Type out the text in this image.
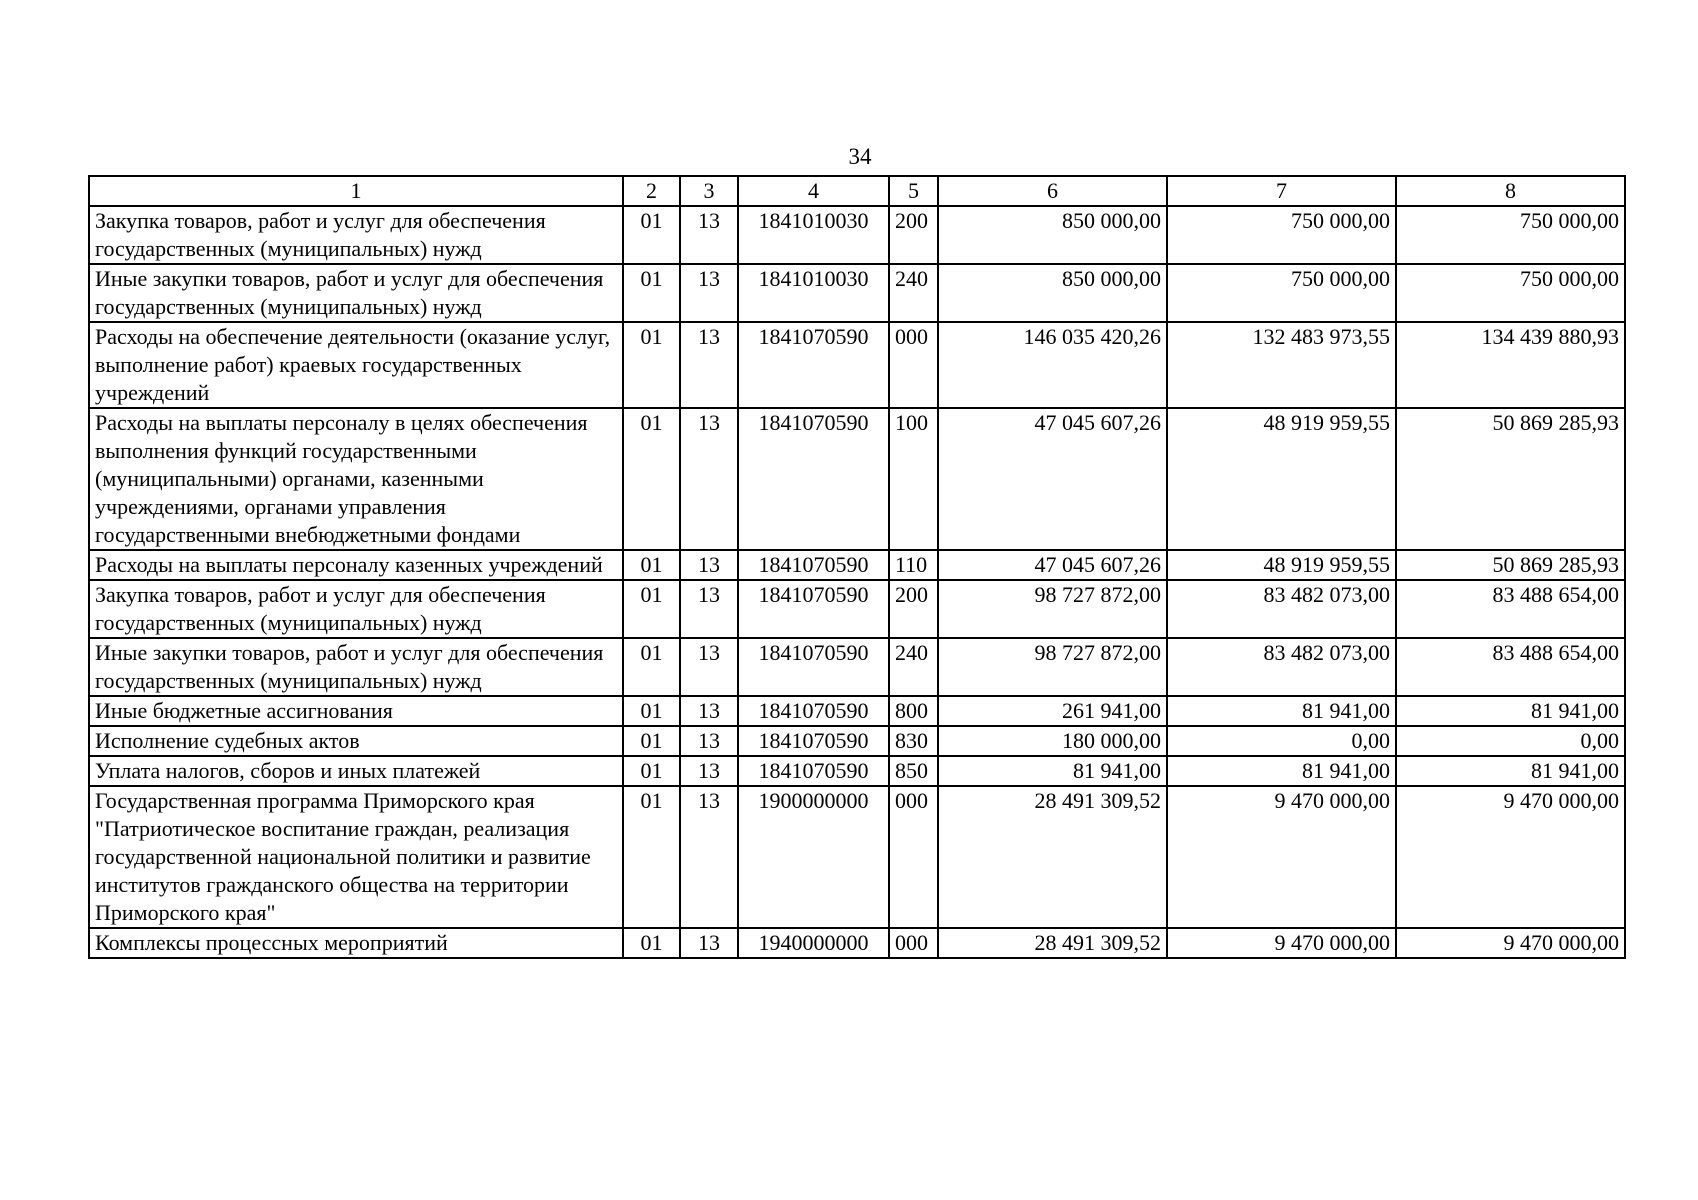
34
1	2	3	4	5	6	7	8
Закупка товаров, работ и услуг для обеспечения государственных (муниципальных) нужд	01	13	1841010030	200	850 000,00	750 000,00	750 000,00
Иные закупки товаров, работ и услуг для обеспечения государственных (муниципальных) нужд	01	13	1841010030	240	850 000,00	750 000,00	750 000,00
Расходы на обеспечение деятельности (оказание услуг, выполнение работ) краевых государственных учреждений	01	13	1841070590	000	146 035 420,26	132 483 973,55	134 439 880,93
Расходы на выплаты персоналу в целях обеспечения выполнения функций государственными (муниципальными) органами, казенными учреждениями, органами управления государственными внебюджетными фондами	01	13	1841070590	100	47 045 607,26	48 919 959,55	50 869 285,93
Расходы на выплаты персоналу казенных учреждений	01	13	1841070590	110	47 045 607,26	48 919 959,55	50 869 285,93
Закупка товаров, работ и услуг для обеспечения государственных (муниципальных) нужд	01	13	1841070590	200	98 727 872,00	83 482 073,00	83 488 654,00
Иные закупки товаров, работ и услуг для обеспечения государственных (муниципальных) нужд	01	13	1841070590	240	98 727 872,00	83 482 073,00	83 488 654,00
Иные бюджетные ассигнования	01	13	1841070590	800	261 941,00	81 941,00	81 941,00
Исполнение судебных актов	01	13	1841070590	830	180 000,00	0,00	0,00
Уплата налогов, сборов и иных платежей	01	13	1841070590	850	81 941,00	81 941,00	81 941,00
Государственная программа Приморского края "Патриотическое воспитание граждан, реализация государственной национальной политики и развитие институтов гражданского общества на территории Приморского края"	01	13	1900000000	000	28 491 309,52	9 470 000,00	9 470 000,00
Комплексы процессных мероприятий	01	13	1940000000	000	28 491 309,52	9 470 000,00	9 470 000,00
